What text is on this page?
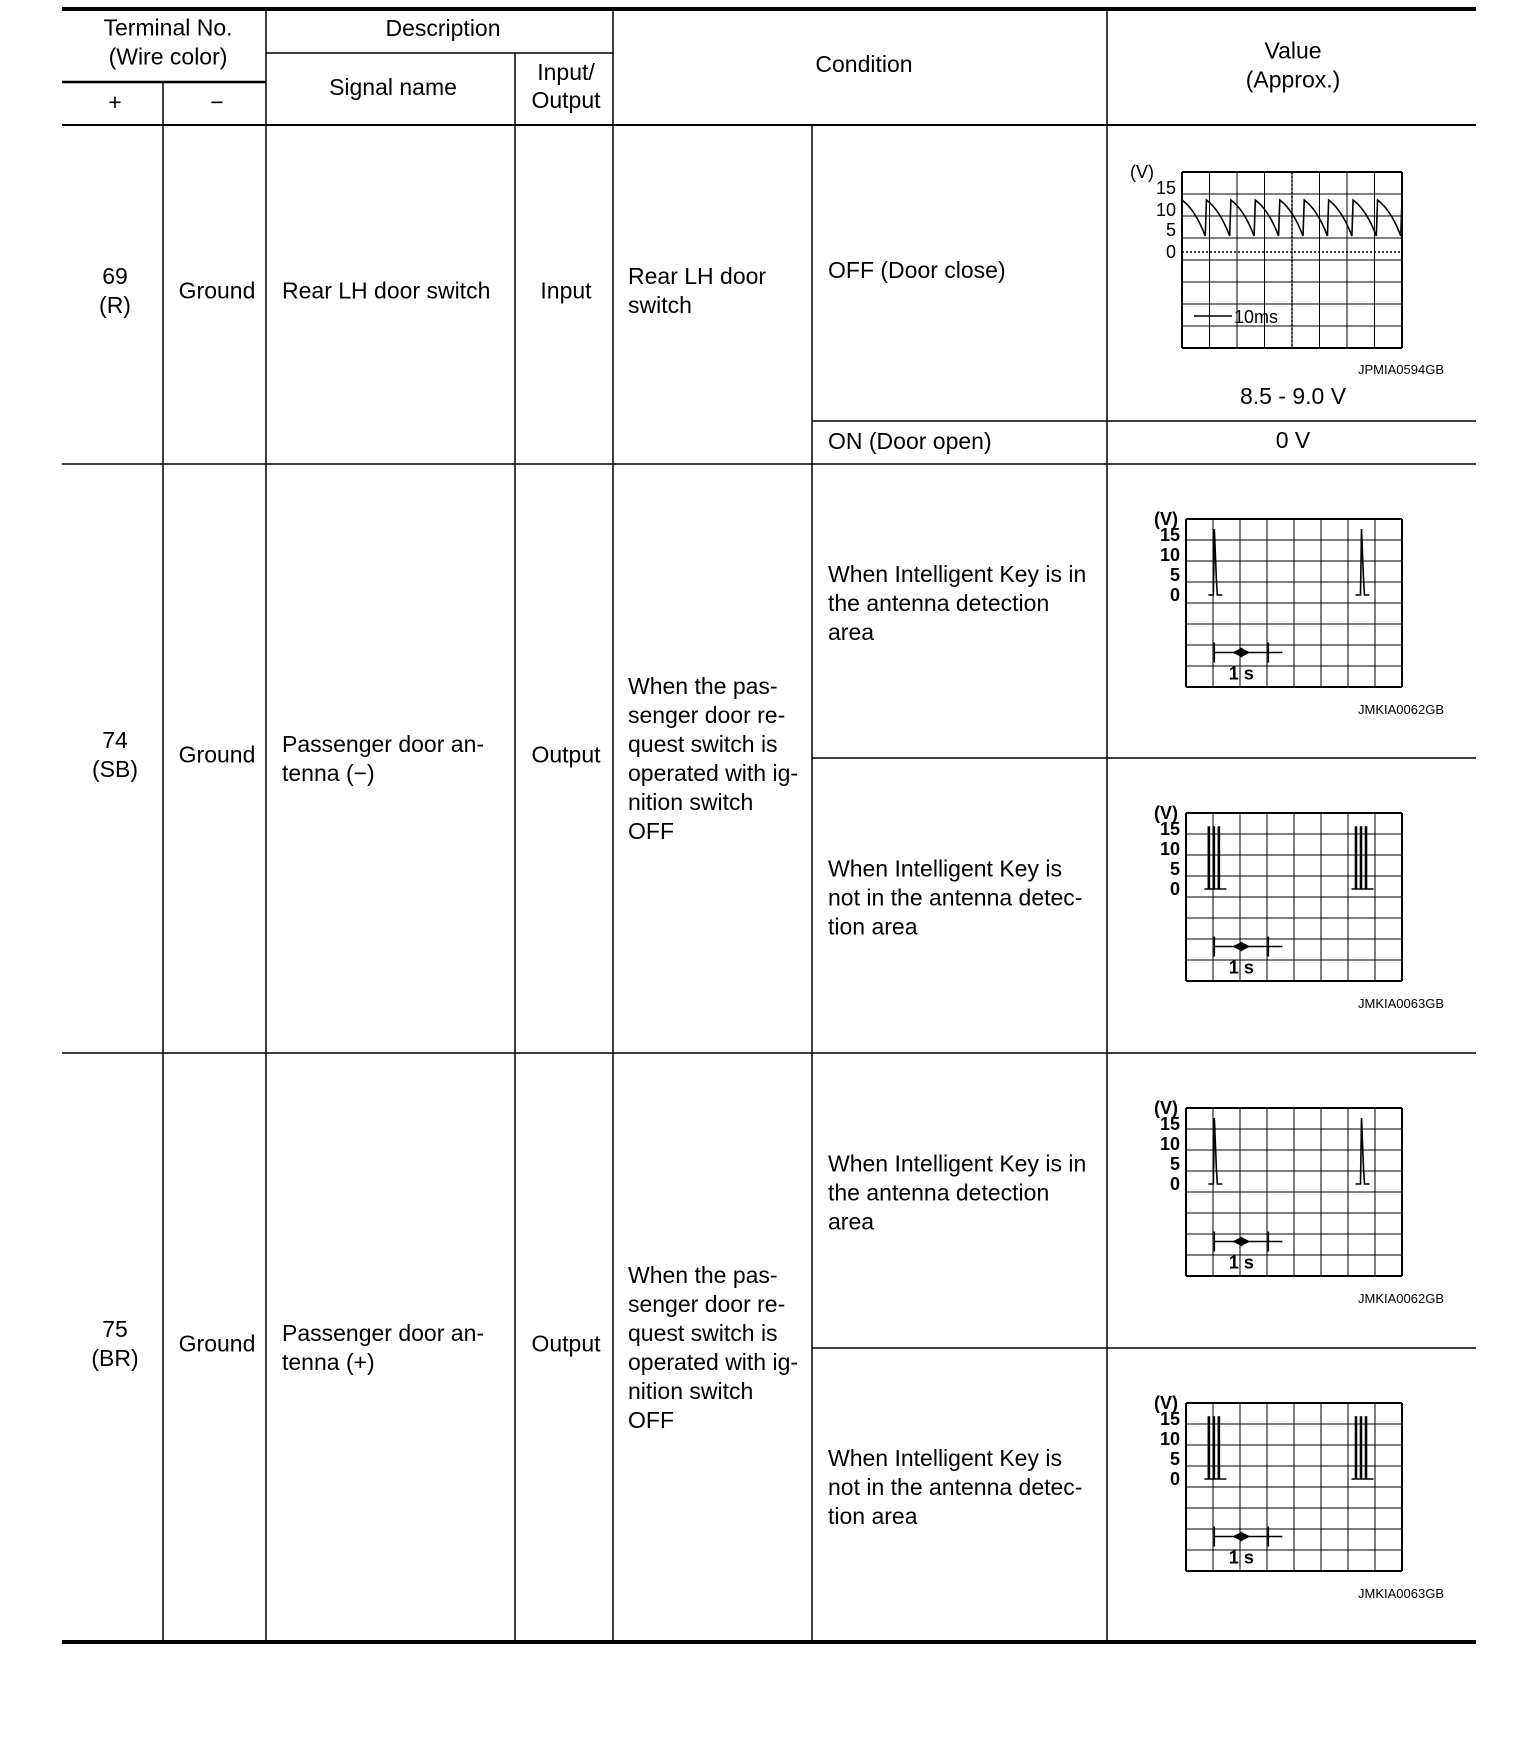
Terminal No.
(Wire color)
+	−
Description
Signal name
Input/
Output
Condition
Value
(Approx.)
69
(R)
Ground Rear LH door switch Input
Rear LH door
switch
OFF (Door close)
JPMIA0594GB
8.5 - 9.0 V
ON (Door open)	0 V
74
(SB)
Ground Passenger door an-
tenna (−)
Output
When the pas-
senger door re-
quest switch is
operated with ig-
nition switch
OFF
When Intelligent Key is in
the antenna detection
area
JMKIA0062GB
When Intelligent Key is
not in the antenna detec-
tion area
JMKIA0063GB
75
(BR)
Ground Passenger door an-
tenna (+)
Output
When the pas-
senger door re-
quest switch is
operated with ig-
nition switch
OFF
When Intelligent Key is in
the antenna detection
area
JMKIA0062GB
When Intelligent Key is
not in the antenna detec-
tion area
JMKIA0063GB
(V)
15
10
5
0
10ms
(V)
15
10
5
0
1 s
(V)
15
10
5
0
1 s
(V)
15
10
5
0
1 s
(V)
15
10
5
0
1 s
